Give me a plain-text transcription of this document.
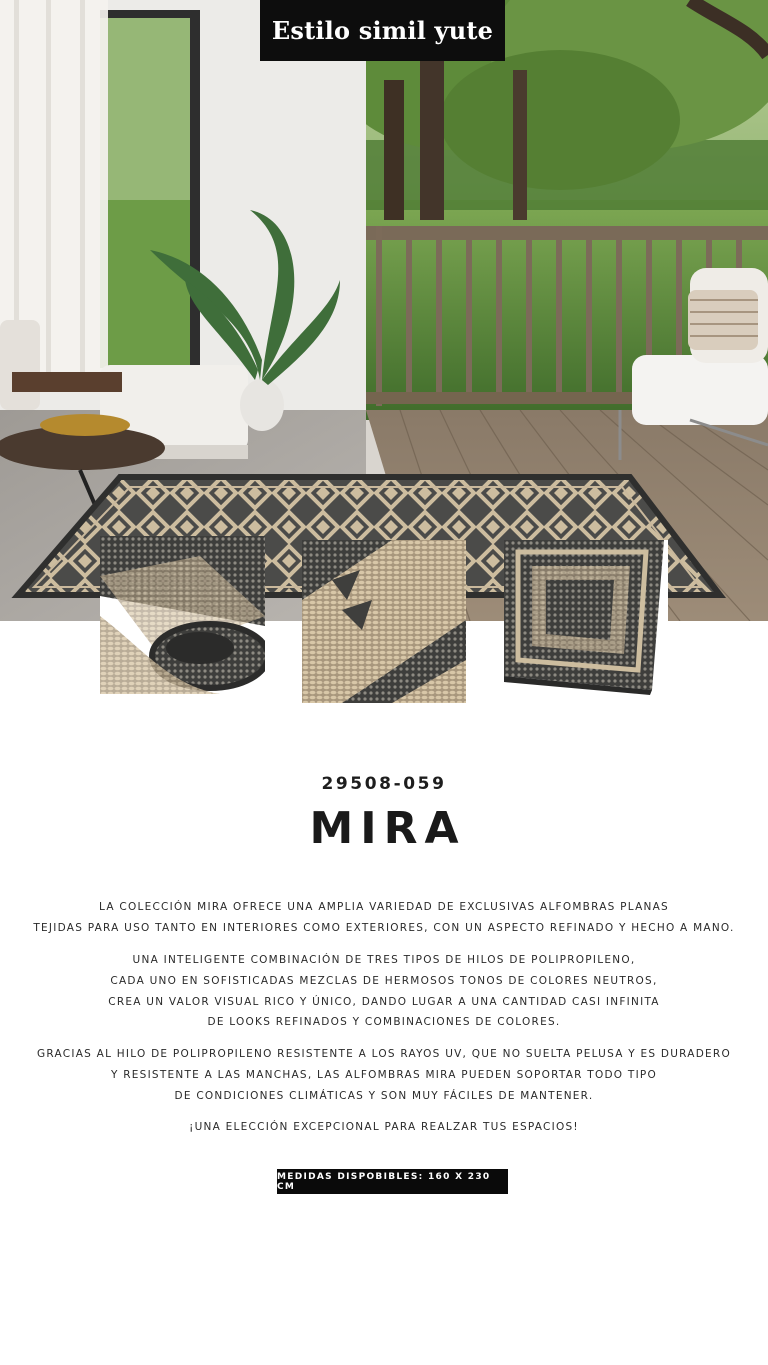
Estilo simil yute
29508-059
MIRA
LA COLECCIÓN MIRA OFRECE UNA AMPLIA VARIEDAD DE EXCLUSIVAS ALFOMBRAS PLANAS
TEJIDAS PARA USO TANTO EN INTERIORES COMO EXTERIORES, CON UN ASPECTO REFINADO Y HECHO A MANO.
UNA INTELIGENTE COMBINACIÓN DE TRES TIPOS DE HILOS DE POLIPROPILENO,
CADA UNO EN SOFISTICADAS MEZCLAS DE HERMOSOS TONOS DE COLORES NEUTROS,
CREA UN VALOR VISUAL RICO Y ÚNICO, DANDO LUGAR A UNA CANTIDAD CASI INFINITA
DE LOOKS REFINADOS Y COMBINACIONES DE COLORES.
GRACIAS AL HILO DE POLIPROPILENO RESISTENTE A LOS RAYOS UV, QUE NO SUELTA PELUSA Y ES DURADERO
Y RESISTENTE A LAS MANCHAS, LAS ALFOMBRAS MIRA PUEDEN SOPORTAR TODO TIPO
DE CONDICIONES CLIMÁTICAS Y SON MUY FÁCILES DE MANTENER.
¡UNA ELECCIÓN EXCEPCIONAL PARA REALZAR TUS ESPACIOS!
MEDIDAS DISPOBIBLES: 160 X 230 CM
